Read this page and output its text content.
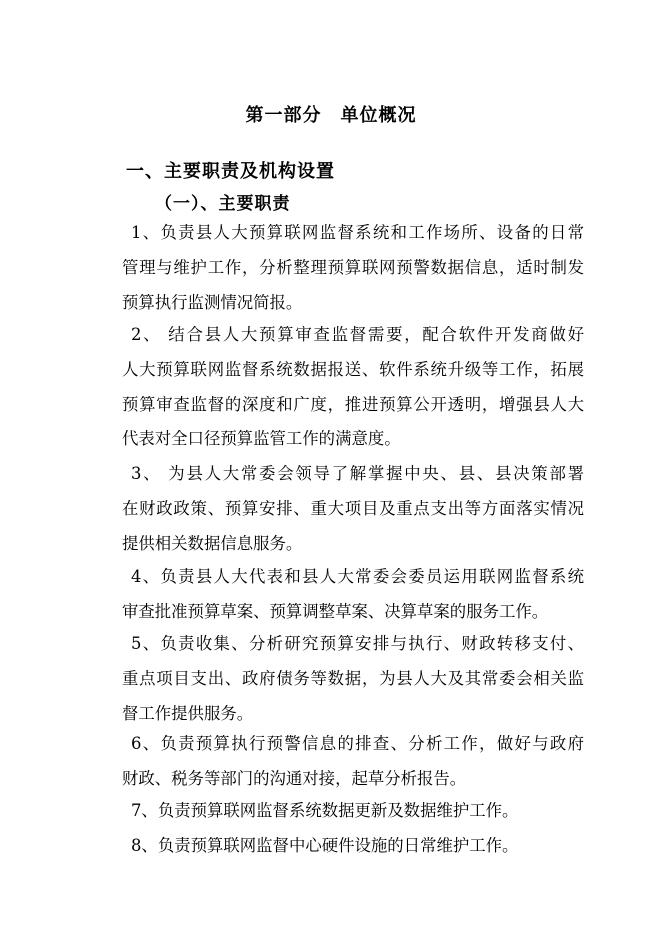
第一部分　单位概况
一、主要职责及机构设置
（一）、主要职责
1、负责县人大预算联网监督系统和工作场所、设备的日常
管理与维护工作，分析整理预算联网预警数据信息，适时制发
预算执行监测情况简报。
2、 结合县人大预算审查监督需要，配合软件开发商做好
人大预算联网监督系统数据报送、软件系统升级等工作，拓展
预算审查监督的深度和广度，推进预算公开透明，增强县人大
代表对全口径预算监管工作的满意度。
3、 为县人大常委会领导了解掌握中央、县、县决策部署
在财政政策、预算安排、重大项目及重点支出等方面落实情况
提供相关数据信息服务。
4、负责县人大代表和县人大常委会委员运用联网监督系统
审查批准预算草案、预算调整草案、决算草案的服务工作。
5、负责收集、分析研究预算安排与执行、财政转移支付、
重点项目支出、政府债务等数据，为县人大及其常委会相关监
督工作提供服务。
6、负责预算执行预警信息的排查、分析工作，做好与政府
财政、税务等部门的沟通对接，起草分析报告。
7、负责预算联网监督系统数据更新及数据维护工作。
8、负责预算联网监督中心硬件设施的日常维护工作。
